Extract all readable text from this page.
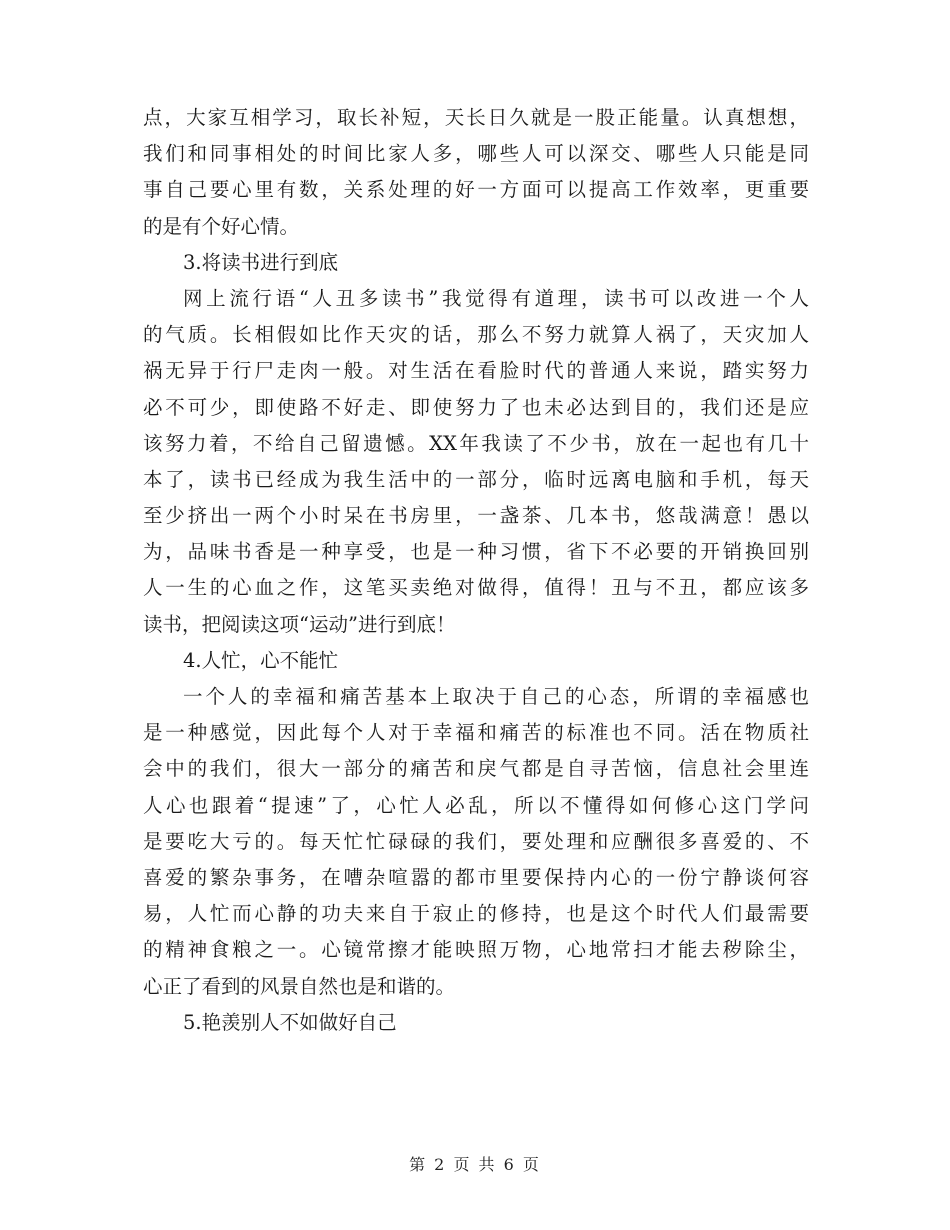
点，大家互相学习，取长补短，天长日久就是一股正能量。认真想想，
我们和同事相处的时间比家人多，哪些人可以深交、哪些人只能是同
事自己要心里有数，关系处理的好一方面可以提高工作效率，更重要
的是有个好心情。
3.将读书进行到底
网上流行语“人丑多读书”我觉得有道理，读书可以改进一个人
的气质。长相假如比作天灾的话，那么不努力就算人祸了，天灾加人
祸无异于行尸走肉一般。对生活在看脸时代的普通人来说，踏实努力
必不可少，即使路不好走、即使努力了也未必达到目的，我们还是应
该努力着，不给自己留遗憾。XX年我读了不少书，放在一起也有几十
本了，读书已经成为我生活中的一部分，临时远离电脑和手机，每天
至少挤出一两个小时呆在书房里，一盏茶、几本书，悠哉满意！愚以
为，品味书香是一种享受，也是一种习惯，省下不必要的开销换回别
人一生的心血之作，这笔买卖绝对做得，值得！丑与不丑，都应该多
读书，把阅读这项“运动”进行到底！
4.人忙，心不能忙
一个人的幸福和痛苦基本上取决于自己的心态，所谓的幸福感也
是一种感觉，因此每个人对于幸福和痛苦的标准也不同。活在物质社
会中的我们，很大一部分的痛苦和戾气都是自寻苦恼，信息社会里连
人心也跟着“提速”了，心忙人必乱，所以不懂得如何修心这门学问
是要吃大亏的。每天忙忙碌碌的我们，要处理和应酬很多喜爱的、不
喜爱的繁杂事务，在嘈杂喧嚣的都市里要保持内心的一份宁静谈何容
易，人忙而心静的功夫来自于寂止的修持，也是这个时代人们最需要
的精神食粮之一。心镜常擦才能映照万物，心地常扫才能去秽除尘，
心正了看到的风景自然也是和谐的。
5.艳羡别人不如做好自己
第 2 页 共 6 页
